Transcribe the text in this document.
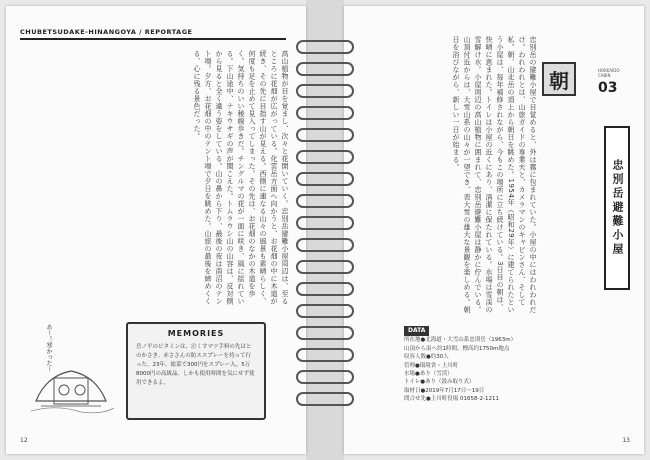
CHUBETSUDAKE-HINANGOYA / REPORTAGE
高山植物が目を覚まし、次々と花開いていく。忠別岳避難小屋周辺は、至るところに花畑が広がっている。化雲岳方面へ向かうと、お花畑の中に木道が続き、その先に目指す山が見える。西側に連なる山々の風景も素晴らしく、何度も足を止めて見入ってしまった。その先は、お花畑のなかの木道を歩く。気持ちのいい稜線歩きだ。チングルマの花が一面に咲き、風に揺れている。下山途中、ナキウサギの声が聞こえた。トムラウシ山の山容は、反対側から見ると全く違う姿をしている。山の鼻から下り、最後の夜は南沼のテント場。夕方、お花畑の中のテント場で夕日を眺めた。山旅の最後を締めくくる、心に残る景色だった。
あ〜！寒かった〜	MEMORIES
岳ノ平のビタミンは、泣くすマツ手料の先はとのかさき。赤ささんの防ススプレーを持って行った。23年、総菜で300円をスプレー入。5万8000円の高級品。しかも使用時間を気にせず使用できるよ。
12
忠別岳の避難小屋で目覚めると、外は霧に包まれていた。小屋の中にはわれわれだけ。われわれとは、山旅ガイドの専業夫と、カメラマンのキャビンさん、そして私。朝、山北岳の頂上から朝日を眺めた。1954年（昭和29年）に建てられたという小屋は、毎年補修されながら、今もこの場所に立ち続けている。3日目の朝は、快晴に恵まれた。トイレは小屋の近くにあり、清潔に保たれている。水場は雪渓の雪解け水。小屋周辺の高山植物に囲まれて、忠別岳避難小屋は静かに佇んでいる。山頂付近からは、大雪山系の山々が一望でき、表大雪の雄大な景観を楽しめる。朝日を浴びながら、新しい一日が始まる。	朝	HOKKAIDO CABIN
03
忠別岳避難小屋
DATA
所在地●北海道・大雪山系忠別岳（1963m）
山頂から南へ約1時間、標高約1750m地点
収容人数●約30人
管理●環境省・上川町
水場●あり（雪渓）
トイレ●あり（汲み取り式）
取材日●2019年7月17日〜19日
問合せ先●上川町役場 01658-2-1211
13
